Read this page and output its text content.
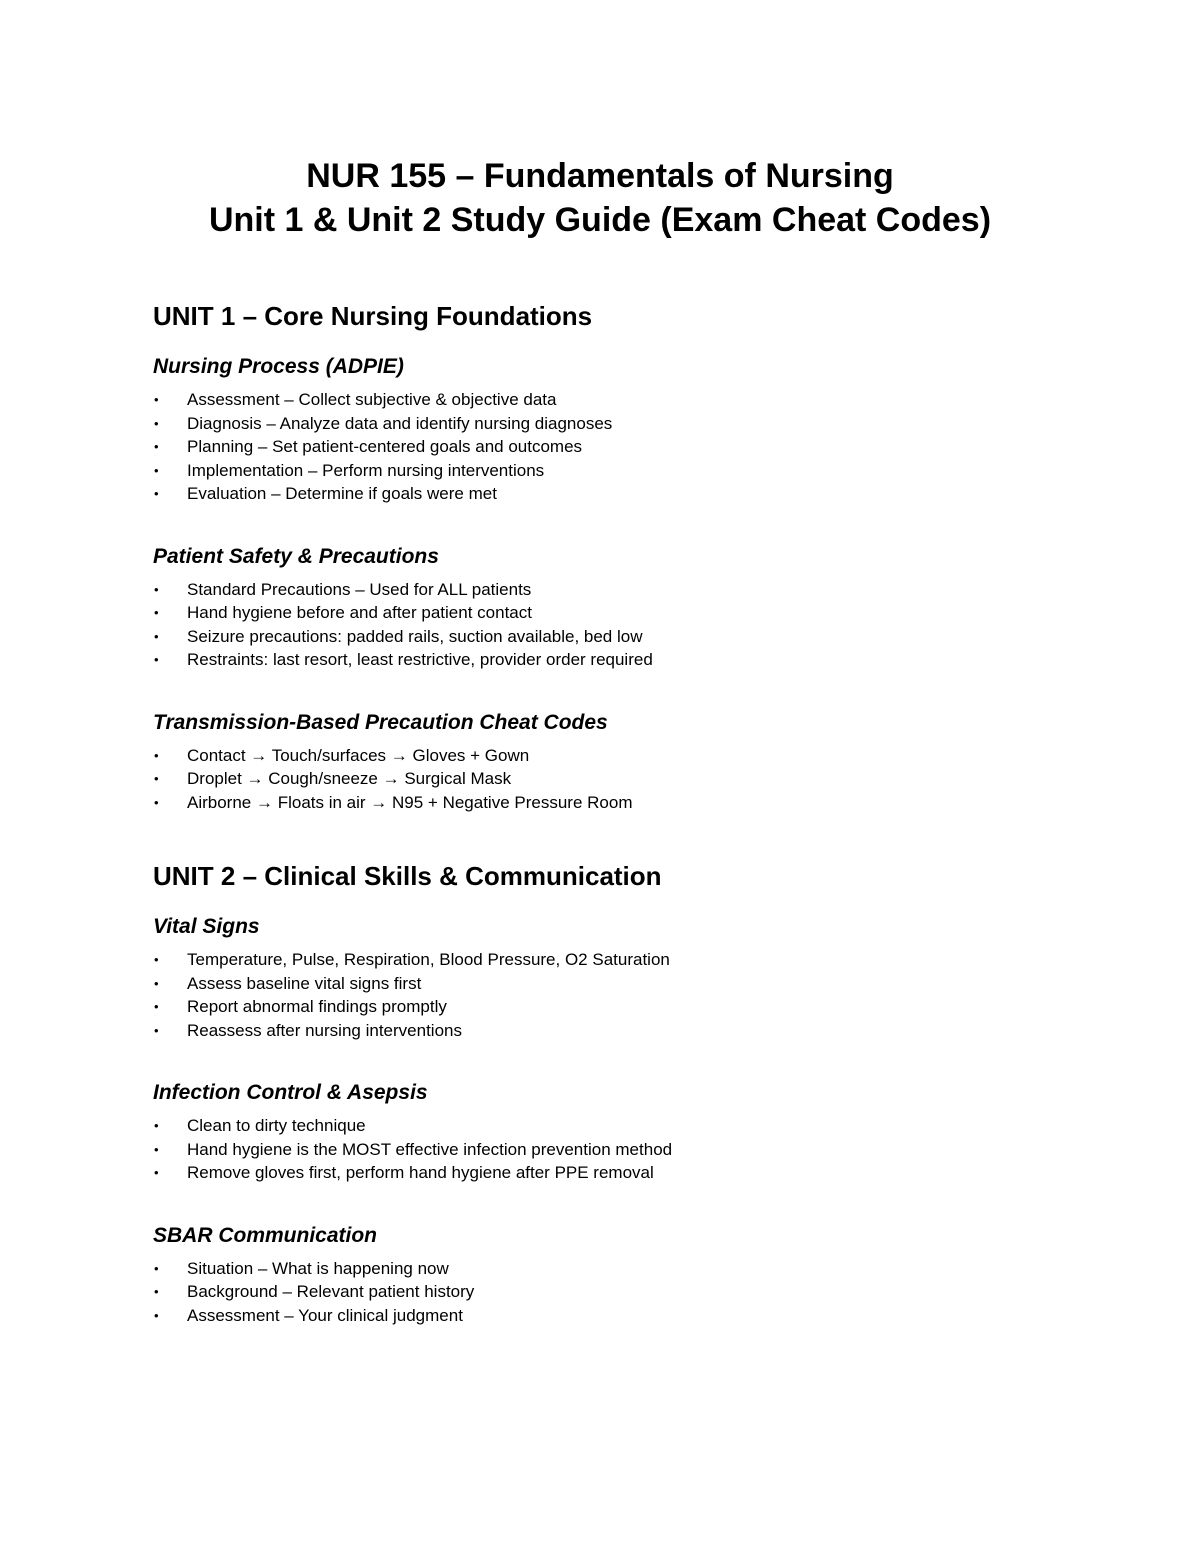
NUR 155 – Fundamentals of Nursing

Unit 1 & Unit 2 Study Guide (Exam Cheat Codes)

UNIT 1 – Core Nursing Foundations
Nursing Process (ADPIE)
• Assessment – Collect subjective & objective data
• Diagnosis – Analyze data and identify nursing diagnoses
• Planning – Set patient-centered goals and outcomes
• Implementation – Perform nursing interventions
• Evaluation – Determine if goals were met
Patient Safety & Precautions
• Standard Precautions – Used for ALL patients
• Hand hygiene before and after patient contact
• Seizure precautions: padded rails, suction available, bed low
• Restraints: last resort, least restrictive, provider order required
Transmission-Based Precaution Cheat Codes
• Contact → Touch/surfaces → Gloves + Gown
• Droplet → Cough/sneeze → Surgical Mask
• Airborne → Floats in air → N95 + Negative Pressure Room
UNIT 2 – Clinical Skills & Communication
Vital Signs
• Temperature, Pulse, Respiration, Blood Pressure, O2 Saturation
• Assess baseline vital signs first
• Report abnormal findings promptly
• Reassess after nursing interventions
Infection Control & Asepsis
• Clean to dirty technique
• Hand hygiene is the MOST effective infection prevention method
• Remove gloves first, perform hand hygiene after PPE removal
SBAR Communication
• Situation – What is happening now
• Background – Relevant patient history
• Assessment – Your clinical judgment
